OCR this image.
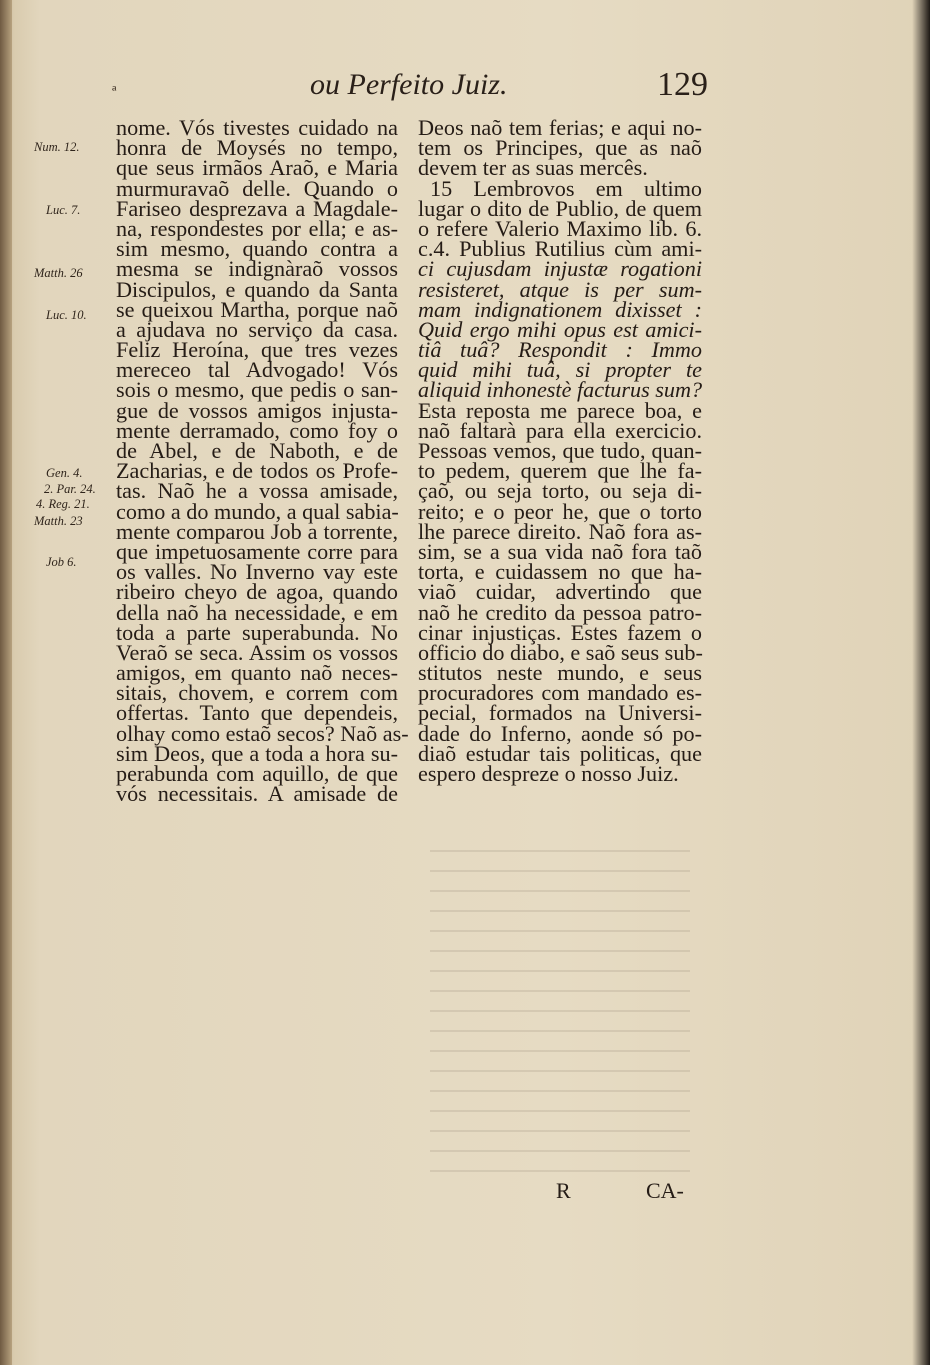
ª	ou Perfeito Juiz.	129
Num. 12.
Luc. 7.
Matth. 26
Luc. 10.
Gen. 4.
2. Par. 24.
4. Reg. 21.
Matth. 23
Job 6.
nome. Vós tivestes cuidado na
honra de Moysés no tempo,
que seus irmãos Araõ, e Maria
murmuravaõ delle. Quando o
Fariseo desprezava a Magdale-
na, respondestes por ella; e as-
sim mesmo, quando contra a
mesma se indignàraõ vossos
Discipulos, e quando da Santa
se queixou Martha, porque naõ
a ajudava no serviço da casa.
Feliz Heroína, que tres vezes
mereceo tal Advogado! Vós
sois o mesmo, que pedis o san-
gue de vossos amigos injusta-
mente derramado, como foy o
de Abel, e de Naboth, e de
Zacharias, e de todos os Profe-
tas. Naõ he a vossa amisade,
como a do mundo, a qual sabia-
mente comparou Job a torrente,
que impetuosamente corre para
os valles. No Inverno vay este
ribeiro cheyo de agoa, quando
della naõ ha necessidade, e em
toda a parte superabunda. No
Veraõ se seca. Assim os vossos
amigos, em quanto naõ neces-
sitais, chovem, e correm com
offertas. Tanto que dependeis,
olhay como estaõ secos? Naõ as-
sim Deos, que a toda a hora su-
perabunda com aquillo, de que
vós necessitais. A amisade de
Deos naõ tem ferias; e aqui no-
tem os Principes, que as naõ
devem ter as suas mercês.
15 Lembrovos em ultimo
lugar o dito de Publio, de quem
o refere Valerio Maximo lib. 6.
c.4. Publius Rutilius cùm ami-
ci cujusdam injustæ rogationi
resisteret, atque is per sum-
mam indignationem dixisset :
Quid ergo mihi opus est amici-
tiâ tuâ? Respondit : Immo
quid mihi tuâ, si propter te
aliquid inhonestè facturus sum?
Esta reposta me parece boa, e
naõ faltarà para ella exercicio.
Pessoas vemos, que tudo, quan-
to pedem, querem que lhe fa-
çaõ, ou seja torto, ou seja di-
reito; e o peor he, que o torto
lhe parece direito. Naõ fora as-
sim, se a sua vida naõ fora taõ
torta, e cuidassem no que ha-
viaõ cuidar, advertindo que
naõ he credito da pessoa patro-
cinar injustiças. Estes fazem o
officio do diabo, e saõ seus sub-
stitutos neste mundo, e seus
procuradores com mandado es-
pecial, formados na Universi-
dade do Inferno, aonde só po-
diaõ estudar tais politicas, que
espero despreze o nosso Juiz.
R	CA-
